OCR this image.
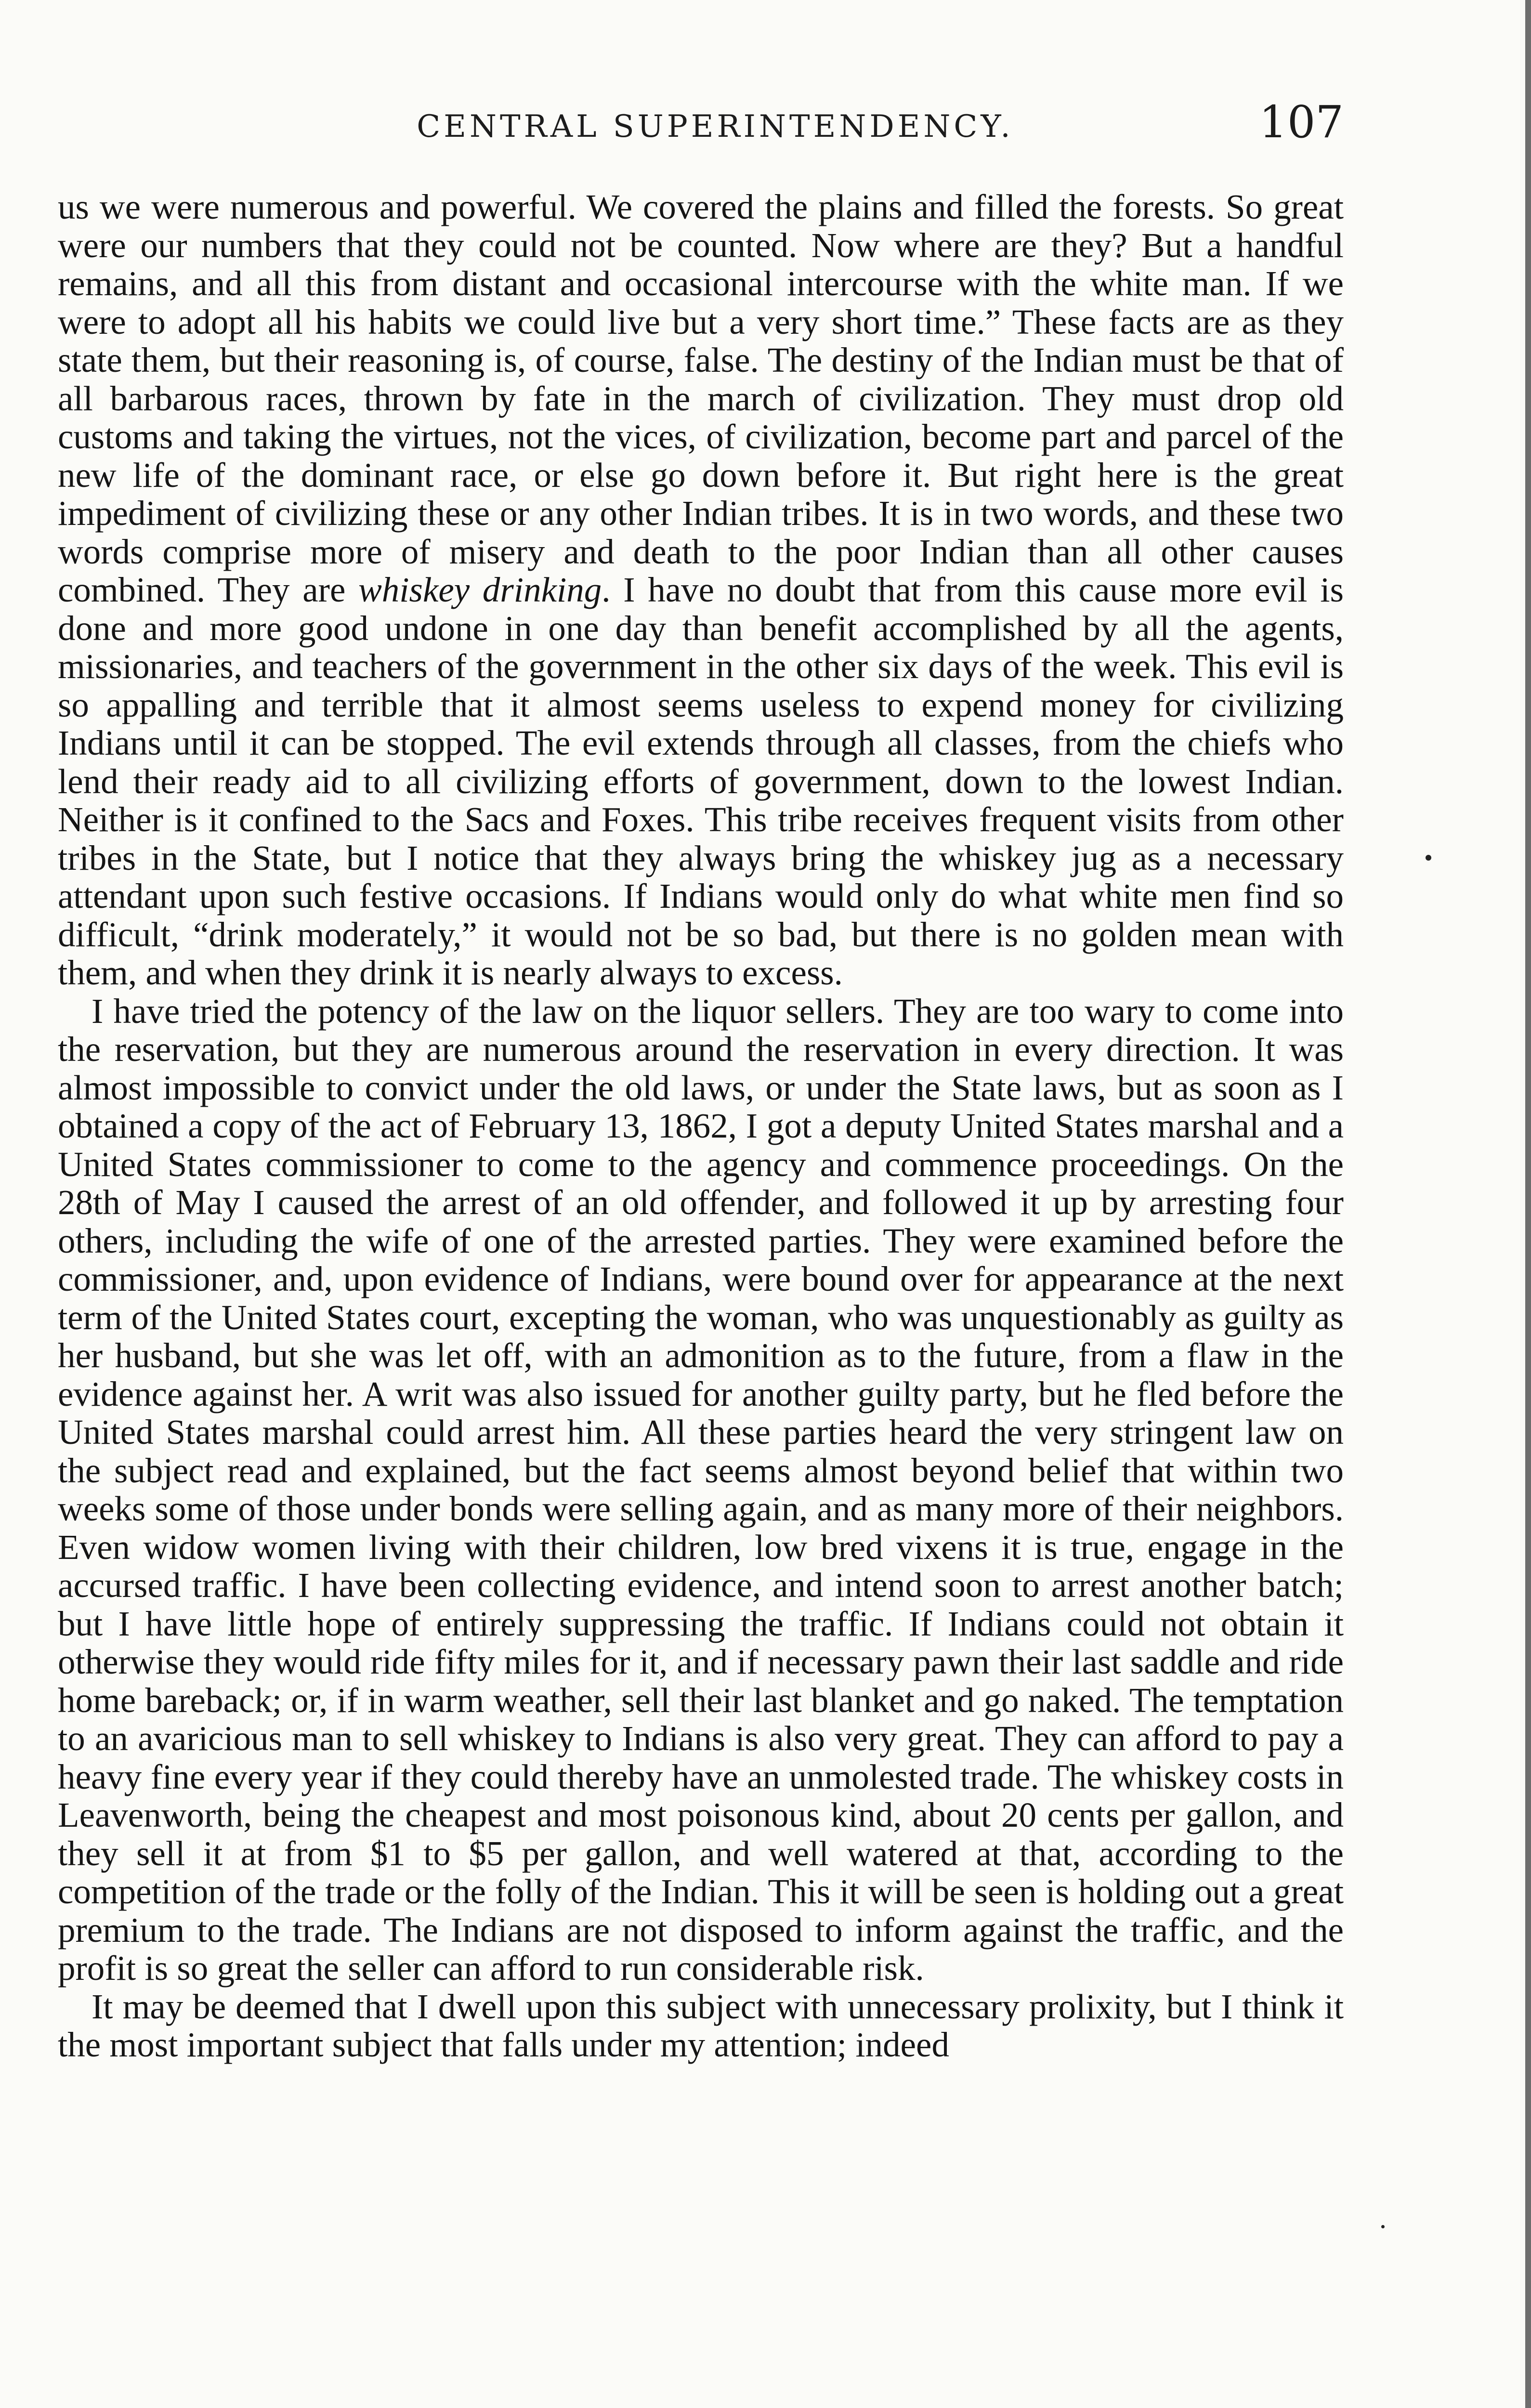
CENTRAL SUPERINTENDENCY.	107

us we were numerous and powerful. We covered the plains and filled the forests. So great were our numbers that they could not be counted. Now where are they? But a handful remains, and all this from distant and occasional intercourse with the white man. If we were to adopt all his habits we could live but a very short time.” These facts are as they state them, but their reasoning is, of course, false. The destiny of the Indian must be that of all barbarous races, thrown by fate in the march of civilization. They must drop old customs and taking the virtues, not the vices, of civilization, become part and parcel of the new life of the dominant race, or else go down before it. But right here is the great impediment of civilizing these or any other Indian tribes. It is in two words, and these two words comprise more of misery and death to the poor Indian than all other causes combined. They are whiskey drinking. I have no doubt that from this cause more evil is done and more good undone in one day than benefit accomplished by all the agents, missionaries, and teachers of the government in the other six days of the week. This evil is so appalling and terrible that it almost seems useless to expend money for civilizing Indians until it can be stopped. The evil extends through all classes, from the chiefs who lend their ready aid to all civilizing efforts of government, down to the lowest Indian. Neither is it confined to the Sacs and Foxes. This tribe receives frequent visits from other tribes in the State, but I notice that they always bring the whiskey jug as a necessary attendant upon such festive occasions. If Indians would only do what white men find so difficult, “drink moderately,” it would not be so bad, but there is no golden mean with them, and when they drink it is nearly always to excess.

I have tried the potency of the law on the liquor sellers. They are too wary to come into the reservation, but they are numerous around the reservation in every direction. It was almost impossible to convict under the old laws, or under the State laws, but as soon as I obtained a copy of the act of February 13, 1862, I got a deputy United States marshal and a United States commissioner to come to the agency and commence proceedings. On the 28th of May I caused the arrest of an old offender, and followed it up by arresting four others, including the wife of one of the arrested parties. They were examined before the commissioner, and, upon evidence of Indians, were bound over for appearance at the next term of the United States court, excepting the woman, who was unquestionably as guilty as her husband, but she was let off, with an admonition as to the future, from a flaw in the evidence against her. A writ was also issued for another guilty party, but he fled before the United States marshal could arrest him. All these parties heard the very stringent law on the subject read and explained, but the fact seems almost beyond belief that within two weeks some of those under bonds were selling again, and as many more of their neighbors. Even widow women living with their children, low bred vixens it is true, engage in the accursed traffic. I have been collecting evidence, and intend soon to arrest another batch; but I have little hope of entirely suppressing the traffic. If Indians could not obtain it otherwise they would ride fifty miles for it, and if necessary pawn their last saddle and ride home bareback; or, if in warm weather, sell their last blanket and go naked. The temptation to an avaricious man to sell whiskey to Indians is also very great. They can afford to pay a heavy fine every year if they could thereby have an unmolested trade. The whiskey costs in Leavenworth, being the cheapest and most poisonous kind, about 20 cents per gallon, and they sell it at from $1 to $5 per gallon, and well watered at that, according to the competition of the trade or the folly of the Indian. This it will be seen is holding out a great premium to the trade. The Indians are not disposed to inform against the traffic, and the profit is so great the seller can afford to run considerable risk.

It may be deemed that I dwell upon this subject with unnecessary prolixity, but I think it the most important subject that falls under my attention; indeed
